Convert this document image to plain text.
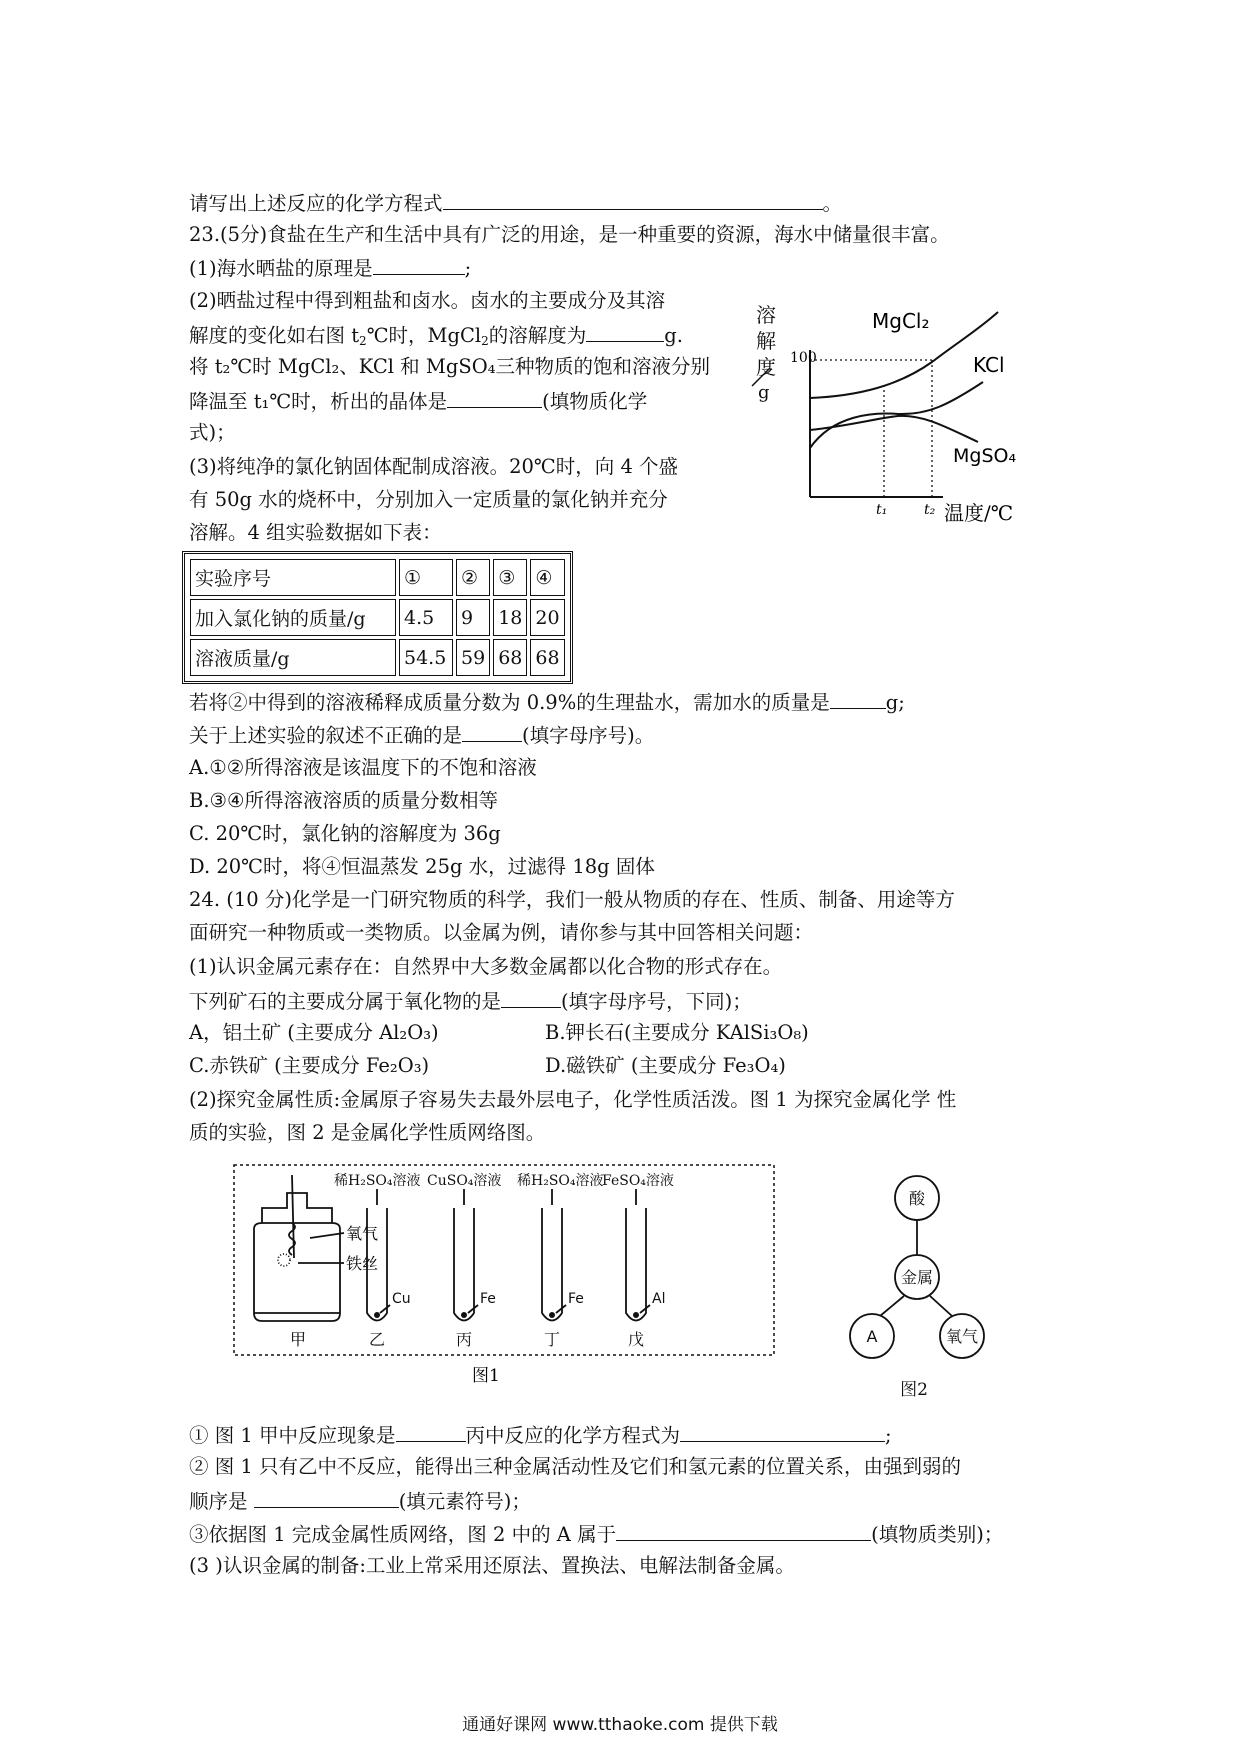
请写出上述反应的化学方程式	。
23.(5分)食盐在生产和生活中具有广泛的用途，是一种重要的资源，海水中储量很丰富。
(1)海水晒盐的原理是	;
(2)晒盐过程中得到粗盐和卤水。卤水的主要成分及其溶
解度的变化如右图 $t_2℃$时，MgCl$_2$的溶解度为	g.
将 t₂℃时 MgCl₂、KCl 和 MgSO₄三种物质的饱和溶液分别
降温至 t₁℃时，析出的晶体是	(填物质化学
式)；
(3)将纯净的氯化钠固体配制成溶液。20℃时，向 4 个盛
有 50g 水的烧杯中，分别加入一定质量的氯化钠并充分
溶解。4 组实验数据如下表：
溶
解
度
g
100
MgCl₂
KCl
MgSO₄
t₁	t₂ 温度/℃
实验序号	①	②	③	④
加入氯化钠的质量/g	4.5	9	18	20
溶液质量/g	54.5	59	68	68
若将②中得到的溶液稀释成质量分数为 0.9%的生理盐水，需加水的质量是	g;
关于上述实验的叙述不正确的是	(填字母序号)。
A.①②所得溶液是该温度下的不饱和溶液
B.③④所得溶液溶质的质量分数相等
C. 20℃时，氯化钠的溶解度为 36g
D. 20℃时，将④恒温蒸发 25g 水，过滤得 18g 固体
24. (10 分)化学是一门研究物质的科学，我们一般从物质的存在、性质、制备、用途等方
面研究一种物质或一类物质。以金属为例，请你参与其中回答相关问题：
(1)认识金属元素存在：自然界中大多数金属都以化合物的形式存在。
下列矿石的主要成分属于氧化物的是	(填字母序号，下同)；
A，铝土矿 (主要成分 Al₂O₃)	B.钾长石(主要成分 KAlSi₃O₈)
C.赤铁矿 (主要成分 Fe₂O₃)	D.磁铁矿 (主要成分 Fe₃O₄)
(2)探究金属性质:金属原子容易失去最外层电子，化学性质活泼。图 1 为探究金属化学 性
质的实验，图 2 是金属化学性质网络图。
氧气
铁丝
甲
稀H₂SO₄溶液 CuSO₄溶液 稀H₂SO₄溶液
FeSO₄溶液
Cu	Fe	Fe	Al
乙	丙	丁	戊
图1
酸
金属
A	氧气
图2
① 图 1 甲中反应现象是	丙中反应的化学方程式为	;
② 图 1 只有乙中不反应，能得出三种金属活动性及它们和氢元素的位置关系，由强到弱的
顺序是	(填元素符号)；
③依据图 1 完成金属性质网络，图 2 中的 A 属于	(填物质类别)；
(3 )认识金属的制备:工业上常采用还原法、置换法、电解法制备金属。
通通好课网 www.tthaoke.com 提供下载
